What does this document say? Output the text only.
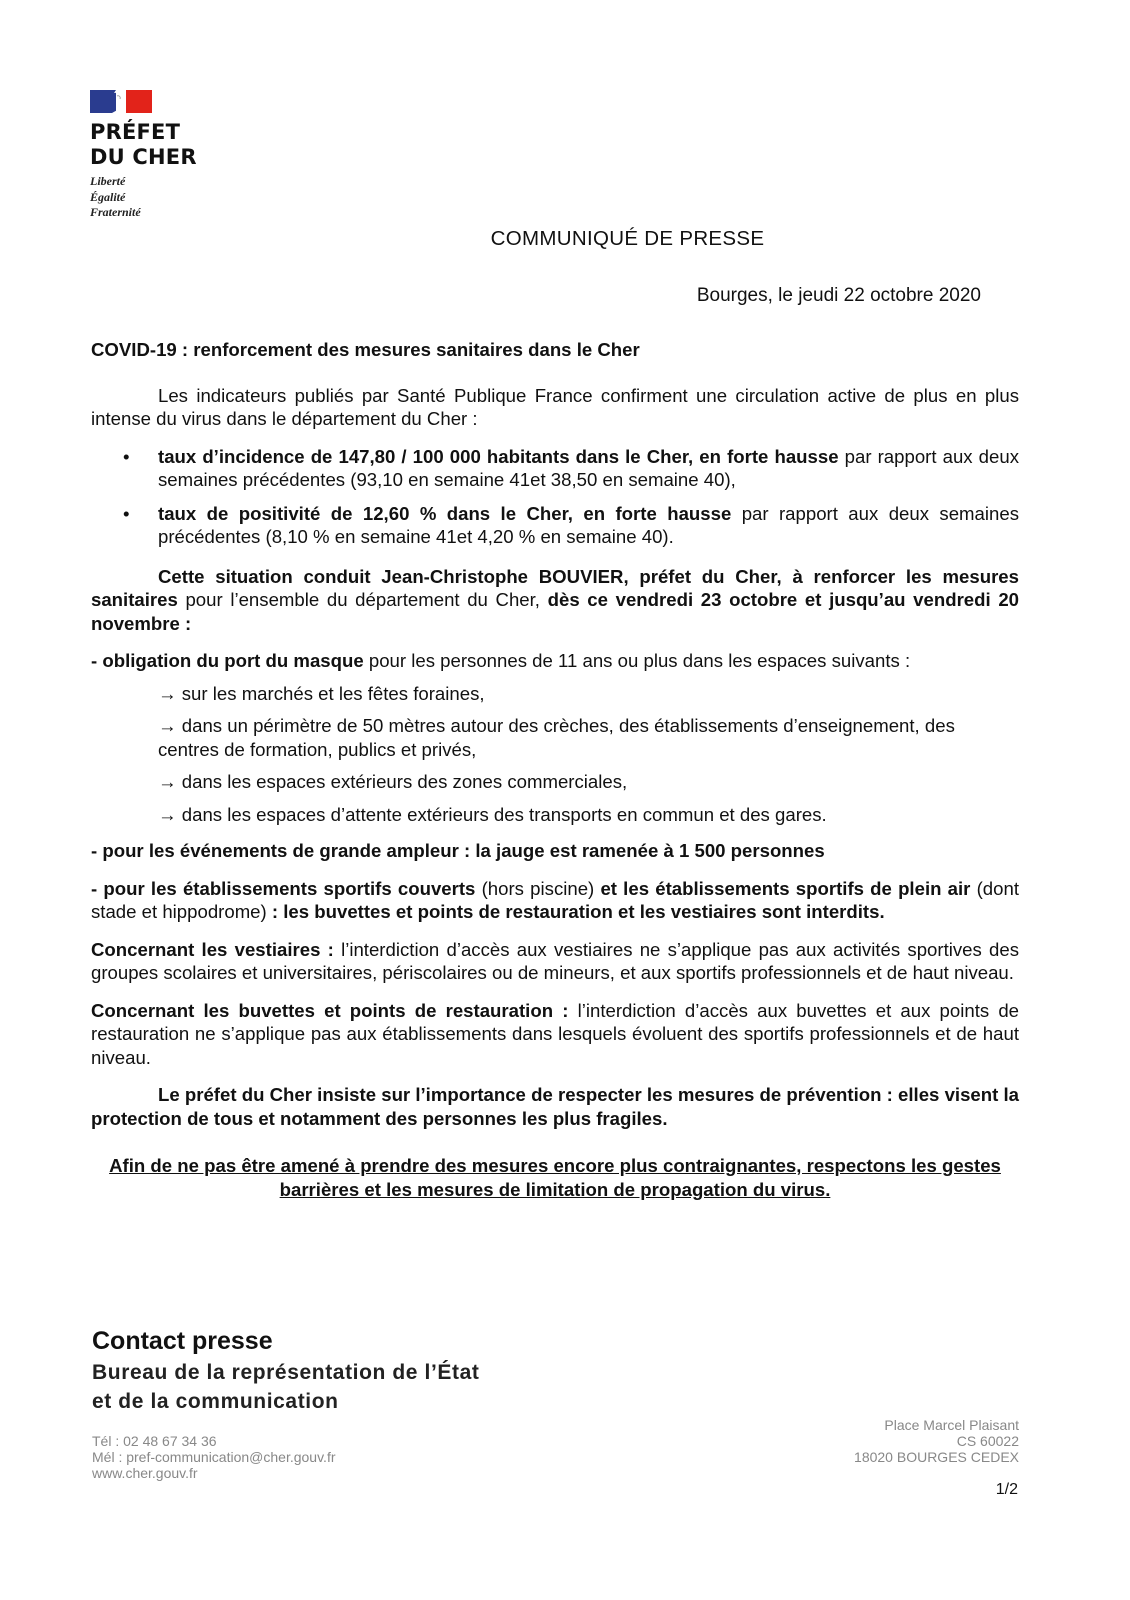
PRÉFET
DU CHER
Liberté
Égalité
Fraternité
COMMUNIQUÉ DE PRESSE
Bourges, le jeudi 22 octobre 2020

COVID-19 : renforcement des mesures sanitaires dans le Cher

Les indicateurs publiés par Santé Publique France confirment une circulation active de plus en plus intense du virus dans le département du Cher :

• taux d’incidence de 147,80 / 100 000 habitants dans le Cher, en forte hausse par rapport aux deux semaines précédentes (93,10 en semaine 41et 38,50 en semaine 40),
• taux de positivité de 12,60 % dans le Cher, en forte hausse par rapport aux deux semaines précédentes (8,10 % en semaine 41et 4,20 % en semaine 40).

Cette situation conduit Jean-Christophe BOUVIER, préfet du Cher, à renforcer les mesures sanitaires pour l’ensemble du département du Cher, dès ce vendredi 23 octobre et jusqu’au vendredi 20 novembre :

- obligation du port du masque pour les personnes de 11 ans ou plus dans les espaces suivants :

→ sur les marchés et les fêtes foraines,
→ dans un périmètre de 50 mètres autour des crèches, des établissements d’enseignement, des centres de formation, publics et privés,
→ dans les espaces extérieurs des zones commerciales,
→ dans les espaces d’attente extérieurs des transports en commun et des gares.

- pour les événements de grande ampleur : la jauge est ramenée à 1 500 personnes

- pour les établissements sportifs couverts (hors piscine) et les établissements sportifs de plein air (dont stade et hippodrome) : les buvettes et points de restauration et les vestiaires sont interdits.

Concernant les vestiaires : l’interdiction d’accès aux vestiaires ne s’applique pas aux activités sportives des groupes scolaires et universitaires, périscolaires ou de mineurs, et aux sportifs professionnels et de haut niveau.

Concernant les buvettes et points de restauration : l’interdiction d’accès aux buvettes et aux points de restauration ne s’applique pas aux établissements dans lesquels évoluent des sportifs professionnels et de haut niveau.

Le préfet du Cher insiste sur l’importance de respecter les mesures de prévention : elles visent la protection de tous et notamment des personnes les plus fragiles.

Afin de ne pas être amené à prendre des mesures encore plus contraignantes, respectons les gestes barrières et les mesures de limitation de propagation du virus.

Contact presse
Bureau de la représentation de l’État
et de la communication
Tél : 02 48 67 34 36
Mél : pref-communication@cher.gouv.fr
www.cher.gouv.fr
Place Marcel Plaisant
CS 60022
18020 BOURGES CEDEX
1/2
